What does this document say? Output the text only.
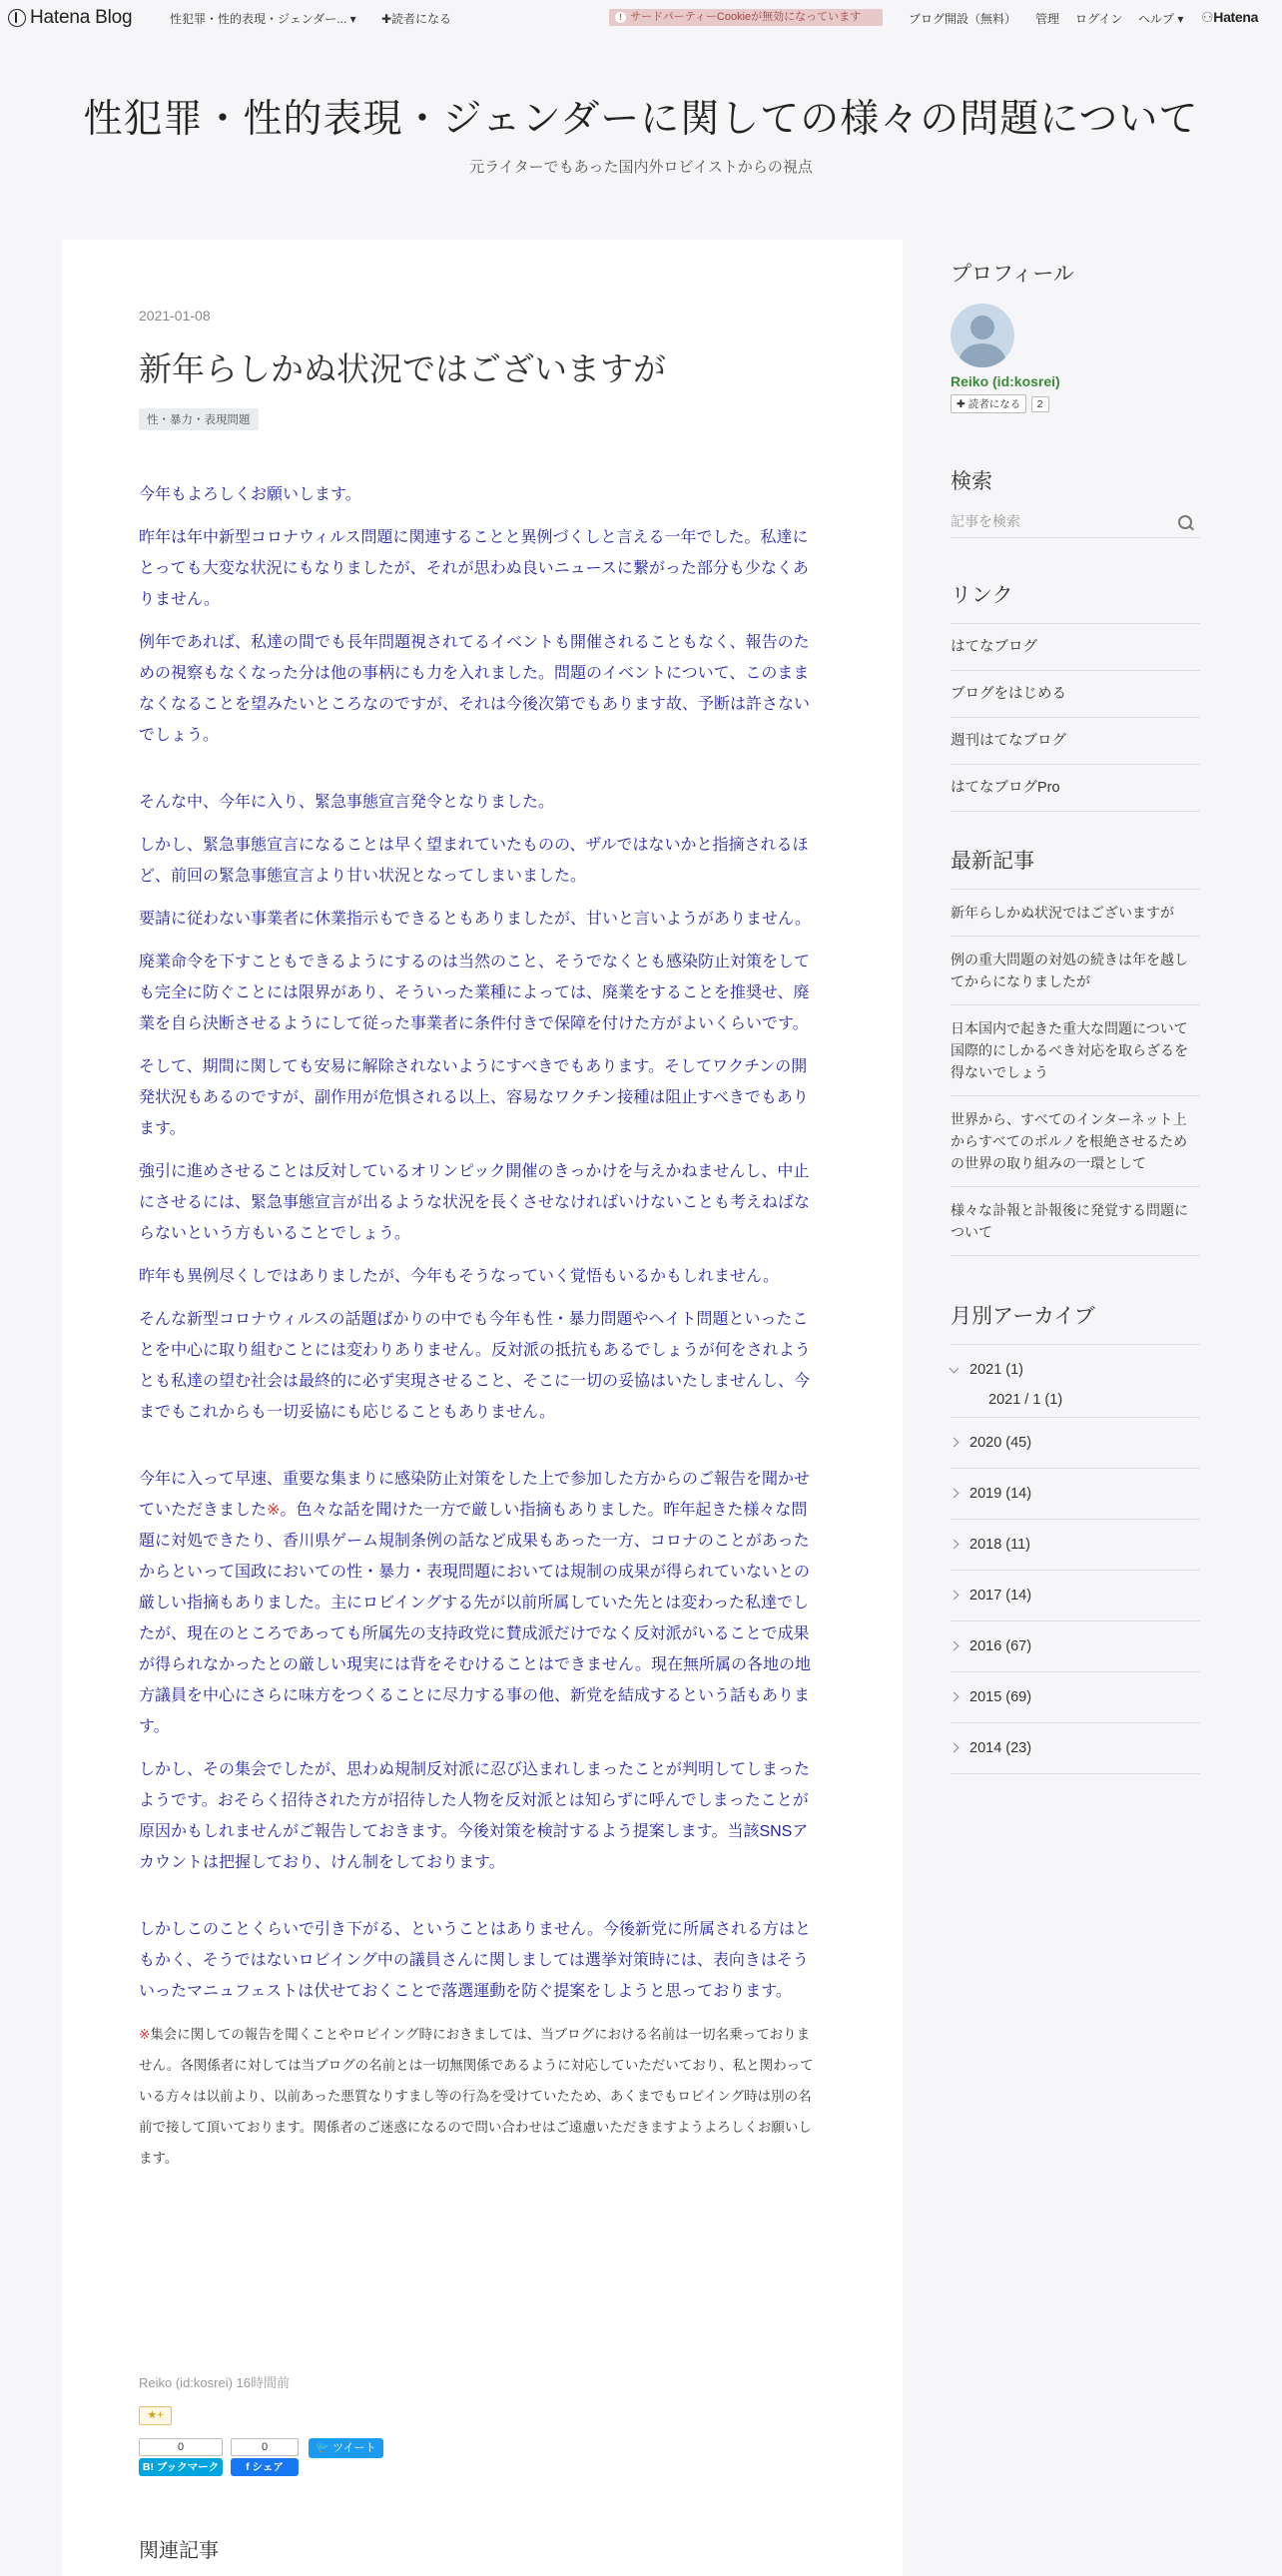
Hatena Blog	性犯罪・性的表現・ジェンダー... ▾ ✚読者になる	! サードパーティーCookieが無効になっています	ブログ開設（無料） 管理 ログイン ヘルプ ▾ ⚇Hatena
性犯罪・性的表現・ジェンダーに関しての様々の問題について
元ライターでもあった国内外ロビイストからの視点
2021-01-08
新年らしかぬ状況ではございますが
性・暴力・表現問題

今年もよろしくお願いします。

昨年は年中新型コロナウィルス問題に関連することと異例づくしと言える一年でした。私達にとっても大変な状況にもなりましたが、それが思わぬ良いニュースに繋がった部分も少なくありません。

例年であれば、私達の間でも長年問題視されてるイベントも開催されることもなく、報告のための視察もなくなった分は他の事柄にも力を入れました。問題のイベントについて、このままなくなることを望みたいところなのですが、それは今後次第でもあります故、予断は許さないでしょう。

そんな中、今年に入り、緊急事態宣言発令となりました。

しかし、緊急事態宣言になることは早く望まれていたものの、ザルではないかと指摘されるほど、前回の緊急事態宣言より甘い状況となってしまいました。

要請に従わない事業者に休業指示もできるともありましたが、甘いと言いようがありません。

廃業命令を下すこともできるようにするのは当然のこと、そうでなくとも感染防止対策をしても完全に防ぐことには限界があり、そういった業種によっては、廃業をすることを推奨せ、廃業を自ら決断させるようにして従った事業者に条件付きで保障を付けた方がよいくらいです。

そして、期間に関しても安易に解除されないようにすべきでもあります。そしてワクチンの開発状況もあるのですが、副作用が危惧される以上、容易なワクチン接種は阻止すべきでもあります。

強引に進めさせることは反対しているオリンピック開催のきっかけを与えかねませんし、中止にさせるには、緊急事態宣言が出るような状況を長くさせなければいけないことも考えねばならないという方もいることでしょう。

昨年も異例尽くしではありましたが、今年もそうなっていく覚悟もいるかもしれません。

そんな新型コロナウィルスの話題ばかりの中でも今年も性・暴力問題やヘイト問題といったことを中心に取り組むことには変わりありません。反対派の抵抗もあるでしょうが何をされようとも私達の望む社会は最終的に必ず実現させること、そこに一切の妥協はいたしませんし、今までもこれからも一切妥協にも応じることもありません。

今年に入って早速、重要な集まりに感染防止対策をした上で参加した方からのご報告を聞かせていただきました※。色々な話を聞けた一方で厳しい指摘もありました。昨年起きた様々な問題に対処できたり、香川県ゲーム規制条例の話など成果もあった一方、コロナのことがあったからといって国政においての性・暴力・表現問題においては規制の成果が得られていないとの厳しい指摘もありました。主にロビイングする先が以前所属していた先とは変わった私達でしたが、現在のところであっても所属先の支持政党に賛成派だけでなく反対派がいることで成果が得られなかったとの厳しい現実には背をそむけることはできません。現在無所属の各地の地方議員を中心にさらに味方をつくることに尽力する事の他、新党を結成するという話もあります。

しかし、その集会でしたが、思わぬ規制反対派に忍び込まれしまったことが判明してしまったようです。おそらく招待された方が招待した人物を反対派とは知らずに呼んでしまったことが原因かもしれませんがご報告しておきます。今後対策を検討するよう提案します。当該SNSアカウントは把握しており、けん制をしております。

しかしこのことくらいで引き下がる、ということはありません。今後新党に所属される方はともかく、そうではないロビイング中の議員さんに関しましては選挙対策時には、表向きはそういったマニュフェストは伏せておくことで落選運動を防ぐ提案をしようと思っております。

※集会に関しての報告を聞くことやロビイング時におきましては、当ブログにおける名前は一切名乗っておりません。各関係者に対しては当ブログの名前とは一切無関係であるように対応していただいており、私と関わっている方々は以前より、以前あった悪質なりすまし等の行為を受けていたため、あくまでもロビイング時は別の名前で接して頂いております。関係者のご迷惑になるので問い合わせはご遠慮いただきますようよろしくお願いします。
Reiko (id:kosrei) 16時間前
★+
0
B! ブックマーク
0
f シェア
🐦 ツイート
関連記事
プロフィール
Reiko (id:kosrei)
✚ 読者になる 2
検索
記事を検索
リンク
はてなブログ
ブログをはじめる
週刊はてなブログ
はてなブログPro
最新記事
新年らしかぬ状況ではございますが
例の重大問題の対処の続きは年を越してからになりましたが
日本国内で起きた重大な問題について国際的にしかるべき対応を取らざるを得ないでしょう
世界から、すべてのインターネット上からすべてのポルノを根絶させるための世界の取り組みの一環として
様々な訃報と訃報後に発覚する問題について
月別アーカイブ
2021 (1)
2021 / 1 (1)
2020 (45)
2019 (14)
2018 (11)
2017 (14)
2016 (67)
2015 (69)
2014 (23)
